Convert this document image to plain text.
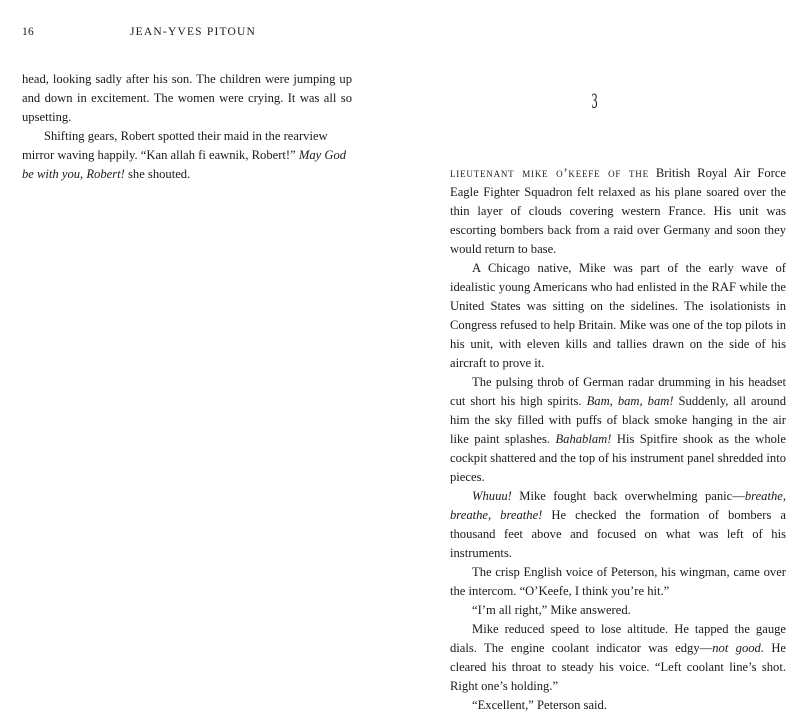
16	JEAN-YVES PITOUN

head, looking sadly after his son. The children were jumping up and down in excitement. The women were crying. It was all so upsetting.

Shifting gears, Robert spotted their maid in the rearview mirror waving happily. “Kan allah fi eawnik, Robert!” May God be with you, Robert! she shouted.

3

lieutenant mike o’keefe of the British Royal Air Force Eagle Fighter Squadron felt relaxed as his plane soared over the thin layer of clouds covering western France. His unit was escorting bombers back from a raid over Germany and soon they would return to base.

A Chicago native, Mike was part of the early wave of idealistic young Americans who had enlisted in the RAF while the United States was sitting on the sidelines. The isolationists in Congress refused to help Britain. Mike was one of the top pilots in his unit, with eleven kills and tallies drawn on the side of his aircraft to prove it.

The pulsing throb of German radar drumming in his headset cut short his high spirits. Bam, bam, bam! Suddenly, all around him the sky filled with puffs of black smoke hanging in the air like paint splashes. Bahablam! His Spitfire shook as the whole cockpit shattered and the top of his instrument panel shredded into pieces.

Whuuu! Mike fought back overwhelming panic—breathe, breathe, breathe! He checked the formation of bombers a thousand feet above and focused on what was left of his instruments.

The crisp English voice of Peterson, his wingman, came over the intercom. “O’Keefe, I think you’re hit.”

“I’m all right,” Mike answered.

Mike reduced speed to lose altitude. He tapped the gauge dials. The engine coolant indicator was edgy—not good. He cleared his throat to steady his voice. “Left coolant line’s shot. Right one’s holding.”

“Excellent,” Peterson said.
